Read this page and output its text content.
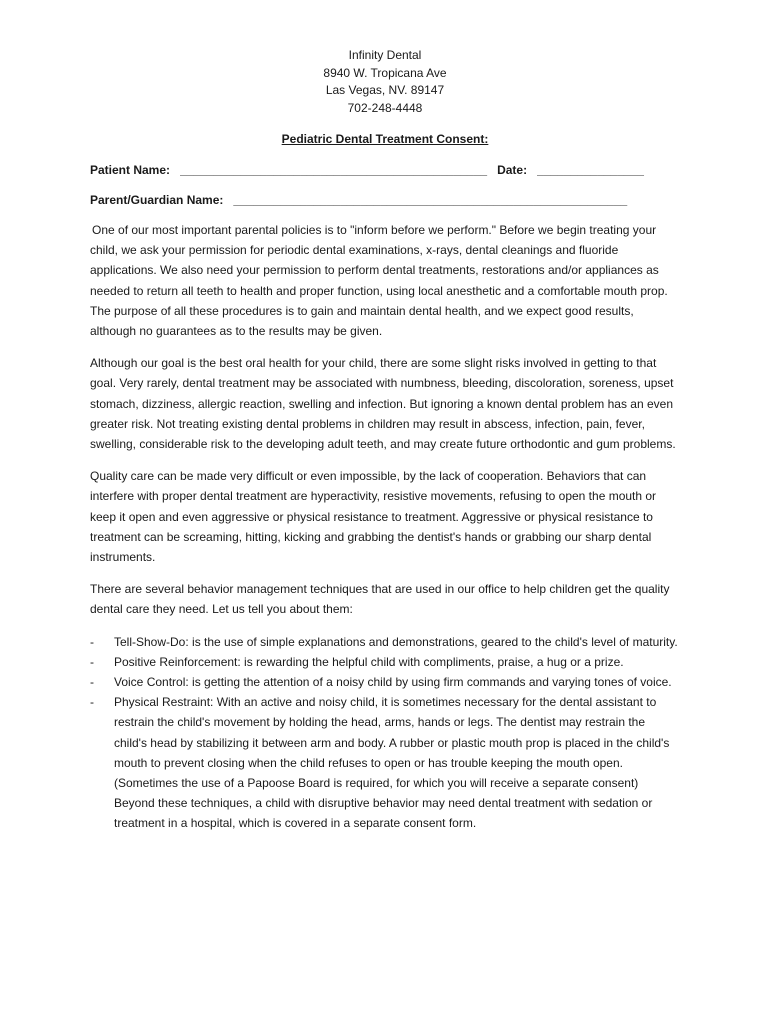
Infinity Dental
8940 W. Tropicana Ave
Las Vegas, NV. 89147
702-248-4448
Pediatric Dental Treatment Consent:
Patient Name: ______________________________________________ Date: ________________
Parent/Guardian Name: ___________________________________________________________

One of our most important parental policies is to "inform before we perform." Before we begin treating your child, we ask your permission for periodic dental examinations, x-rays, dental cleanings and fluoride applications. We also need your permission to perform dental treatments, restorations and/or appliances as needed to return all teeth to health and proper function, using local anesthetic and a comfortable mouth prop. The purpose of all these procedures is to gain and maintain dental health, and we expect good results, although no guarantees as to the results may be given.

Although our goal is the best oral health for your child, there are some slight risks involved in getting to that goal. Very rarely, dental treatment may be associated with numbness, bleeding, discoloration, soreness, upset stomach, dizziness, allergic reaction, swelling and infection. But ignoring a known dental problem has an even greater risk. Not treating existing dental problems in children may result in abscess, infection, pain, fever, swelling, considerable risk to the developing adult teeth, and may create future orthodontic and gum problems.

Quality care can be made very difficult or even impossible, by the lack of cooperation. Behaviors that can interfere with proper dental treatment are hyperactivity, resistive movements, refusing to open the mouth or keep it open and even aggressive or physical resistance to treatment. Aggressive or physical resistance to treatment can be screaming, hitting, kicking and grabbing the dentist's hands or grabbing our sharp dental instruments.

There are several behavior management techniques that are used in our office to help children get the quality dental care they need. Let us tell you about them:

- Tell-Show-Do: is the use of simple explanations and demonstrations, geared to the child's level of maturity.
- Positive Reinforcement: is rewarding the helpful child with compliments, praise, a hug or a prize.
- Voice Control: is getting the attention of a noisy child by using firm commands and varying tones of voice.
- Physical Restraint: With an active and noisy child, it is sometimes necessary for the dental assistant to restrain the child's movement by holding the head, arms, hands or legs. The dentist may restrain the child's head by stabilizing it between arm and body. A rubber or plastic mouth prop is placed in the child's mouth to prevent closing when the child refuses to open or has trouble keeping the mouth open. (Sometimes the use of a Papoose Board is required, for which you will receive a separate consent) Beyond these techniques, a child with disruptive behavior may need dental treatment with sedation or treatment in a hospital, which is covered in a separate consent form.
